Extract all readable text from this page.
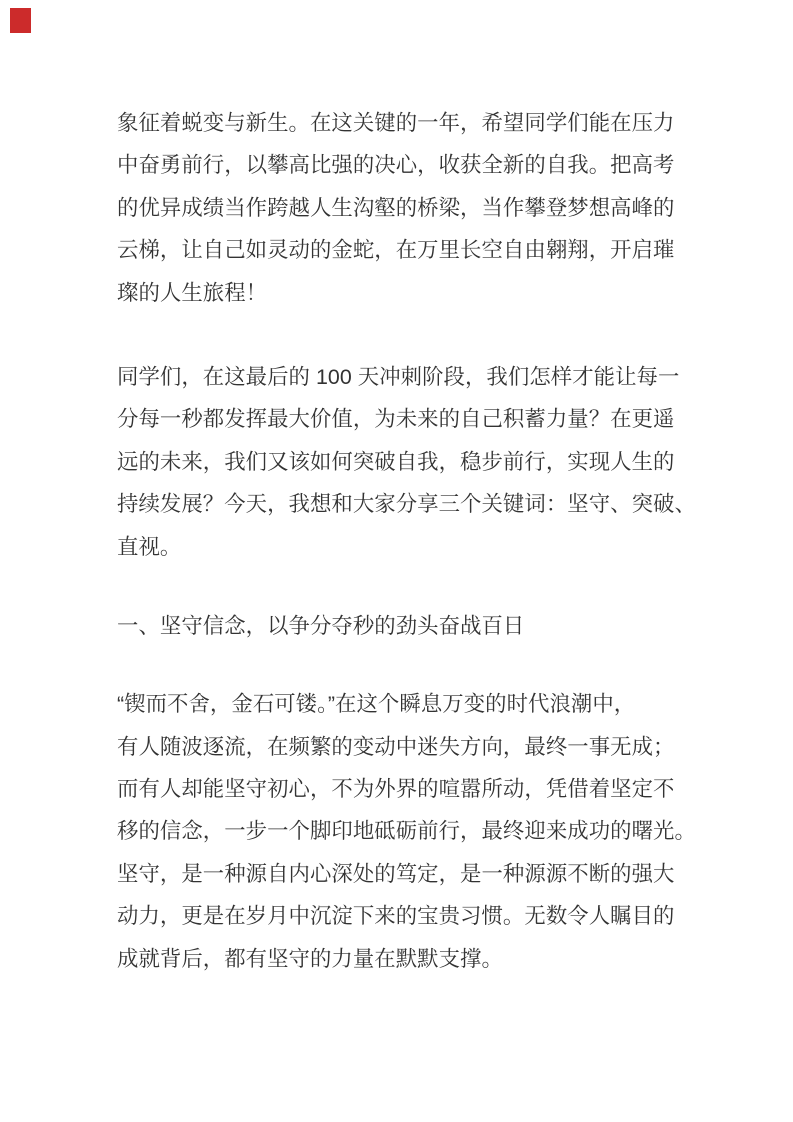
象征着蜕变与新生。在这关键的一年，希望同学们能在压力
中奋勇前行，以攀高比强的决心，收获全新的自我。把高考
的优异成绩当作跨越人生沟壑的桥梁，当作攀登梦想高峰的
云梯，让自己如灵动的金蛇，在万里长空自由翱翔，开启璀
璨的人生旅程！
同学们，在这最后的 100 天冲刺阶段，我们怎样才能让每一
分每一秒都发挥最大价值，为未来的自己积蓄力量？在更遥
远的未来，我们又该如何突破自我，稳步前行，实现人生的
持续发展？今天，我想和大家分享三个关键词：坚守、突破、
直视。
一、坚守信念，以争分夺秒的劲头奋战百日
“锲而不舍，金石可镂。”在这个瞬息万变的时代浪潮中，
有人随波逐流，在频繁的变动中迷失方向，最终一事无成；
而有人却能坚守初心，不为外界的喧嚣所动，凭借着坚定不
移的信念，一步一个脚印地砥砺前行，最终迎来成功的曙光。
坚守，是一种源自内心深处的笃定，是一种源源不断的强大
动力，更是在岁月中沉淀下来的宝贵习惯。无数令人瞩目的
成就背后，都有坚守的力量在默默支撑。
